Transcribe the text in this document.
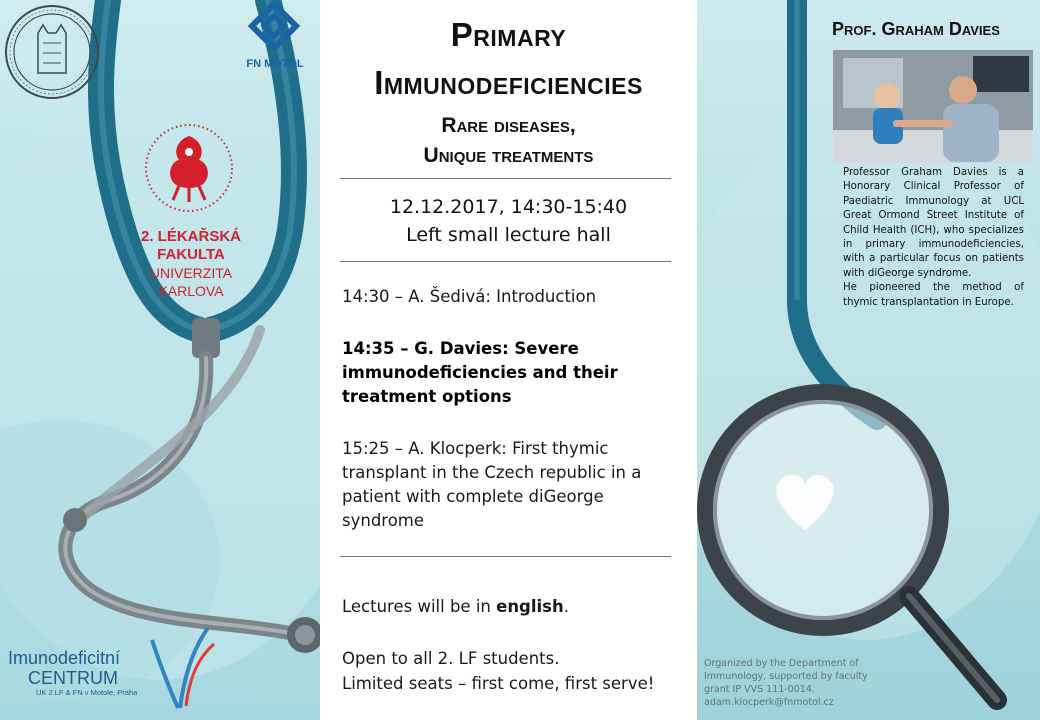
FN MOTOL
2. LÉKAŘSKÁ
FAKULTA
UNIVERZITA
KARLOVA
Imunodeficitní
CENTRUM
UK 2.LF & FN v Motole, Praha
Primary
Immunodeficiencies
Rare diseases,
Unique treatments
12.12.2017, 14:30-15:40
Left small lecture hall
14:30 – A. Šedivá: Introduction
14:35 – G. Davies: Severe immunodeficiencies and their treatment options
15:25 – A. Klocperk: First thymic transplant in the Czech republic in a patient with complete diGeorge syndrome
Lectures will be in english.
Open to all 2. LF students.
Limited seats – first come, first serve!
Prof. Graham Davies

Professor Graham Davies is a Honorary Clinical Professor of Paediatric Immunology at UCL Great Ormond Street Institute of Child Health (ICH), who specializes in primary immunodeficiencies, with a particular focus on patients with diGeorge syndrome.

He pioneered the method of thymic transplantation in Europe.

Organized by the Department of
Immunology, supported by faculty
grant IP VVS 111-0014.
adam.klocperk@fnmotol.cz
